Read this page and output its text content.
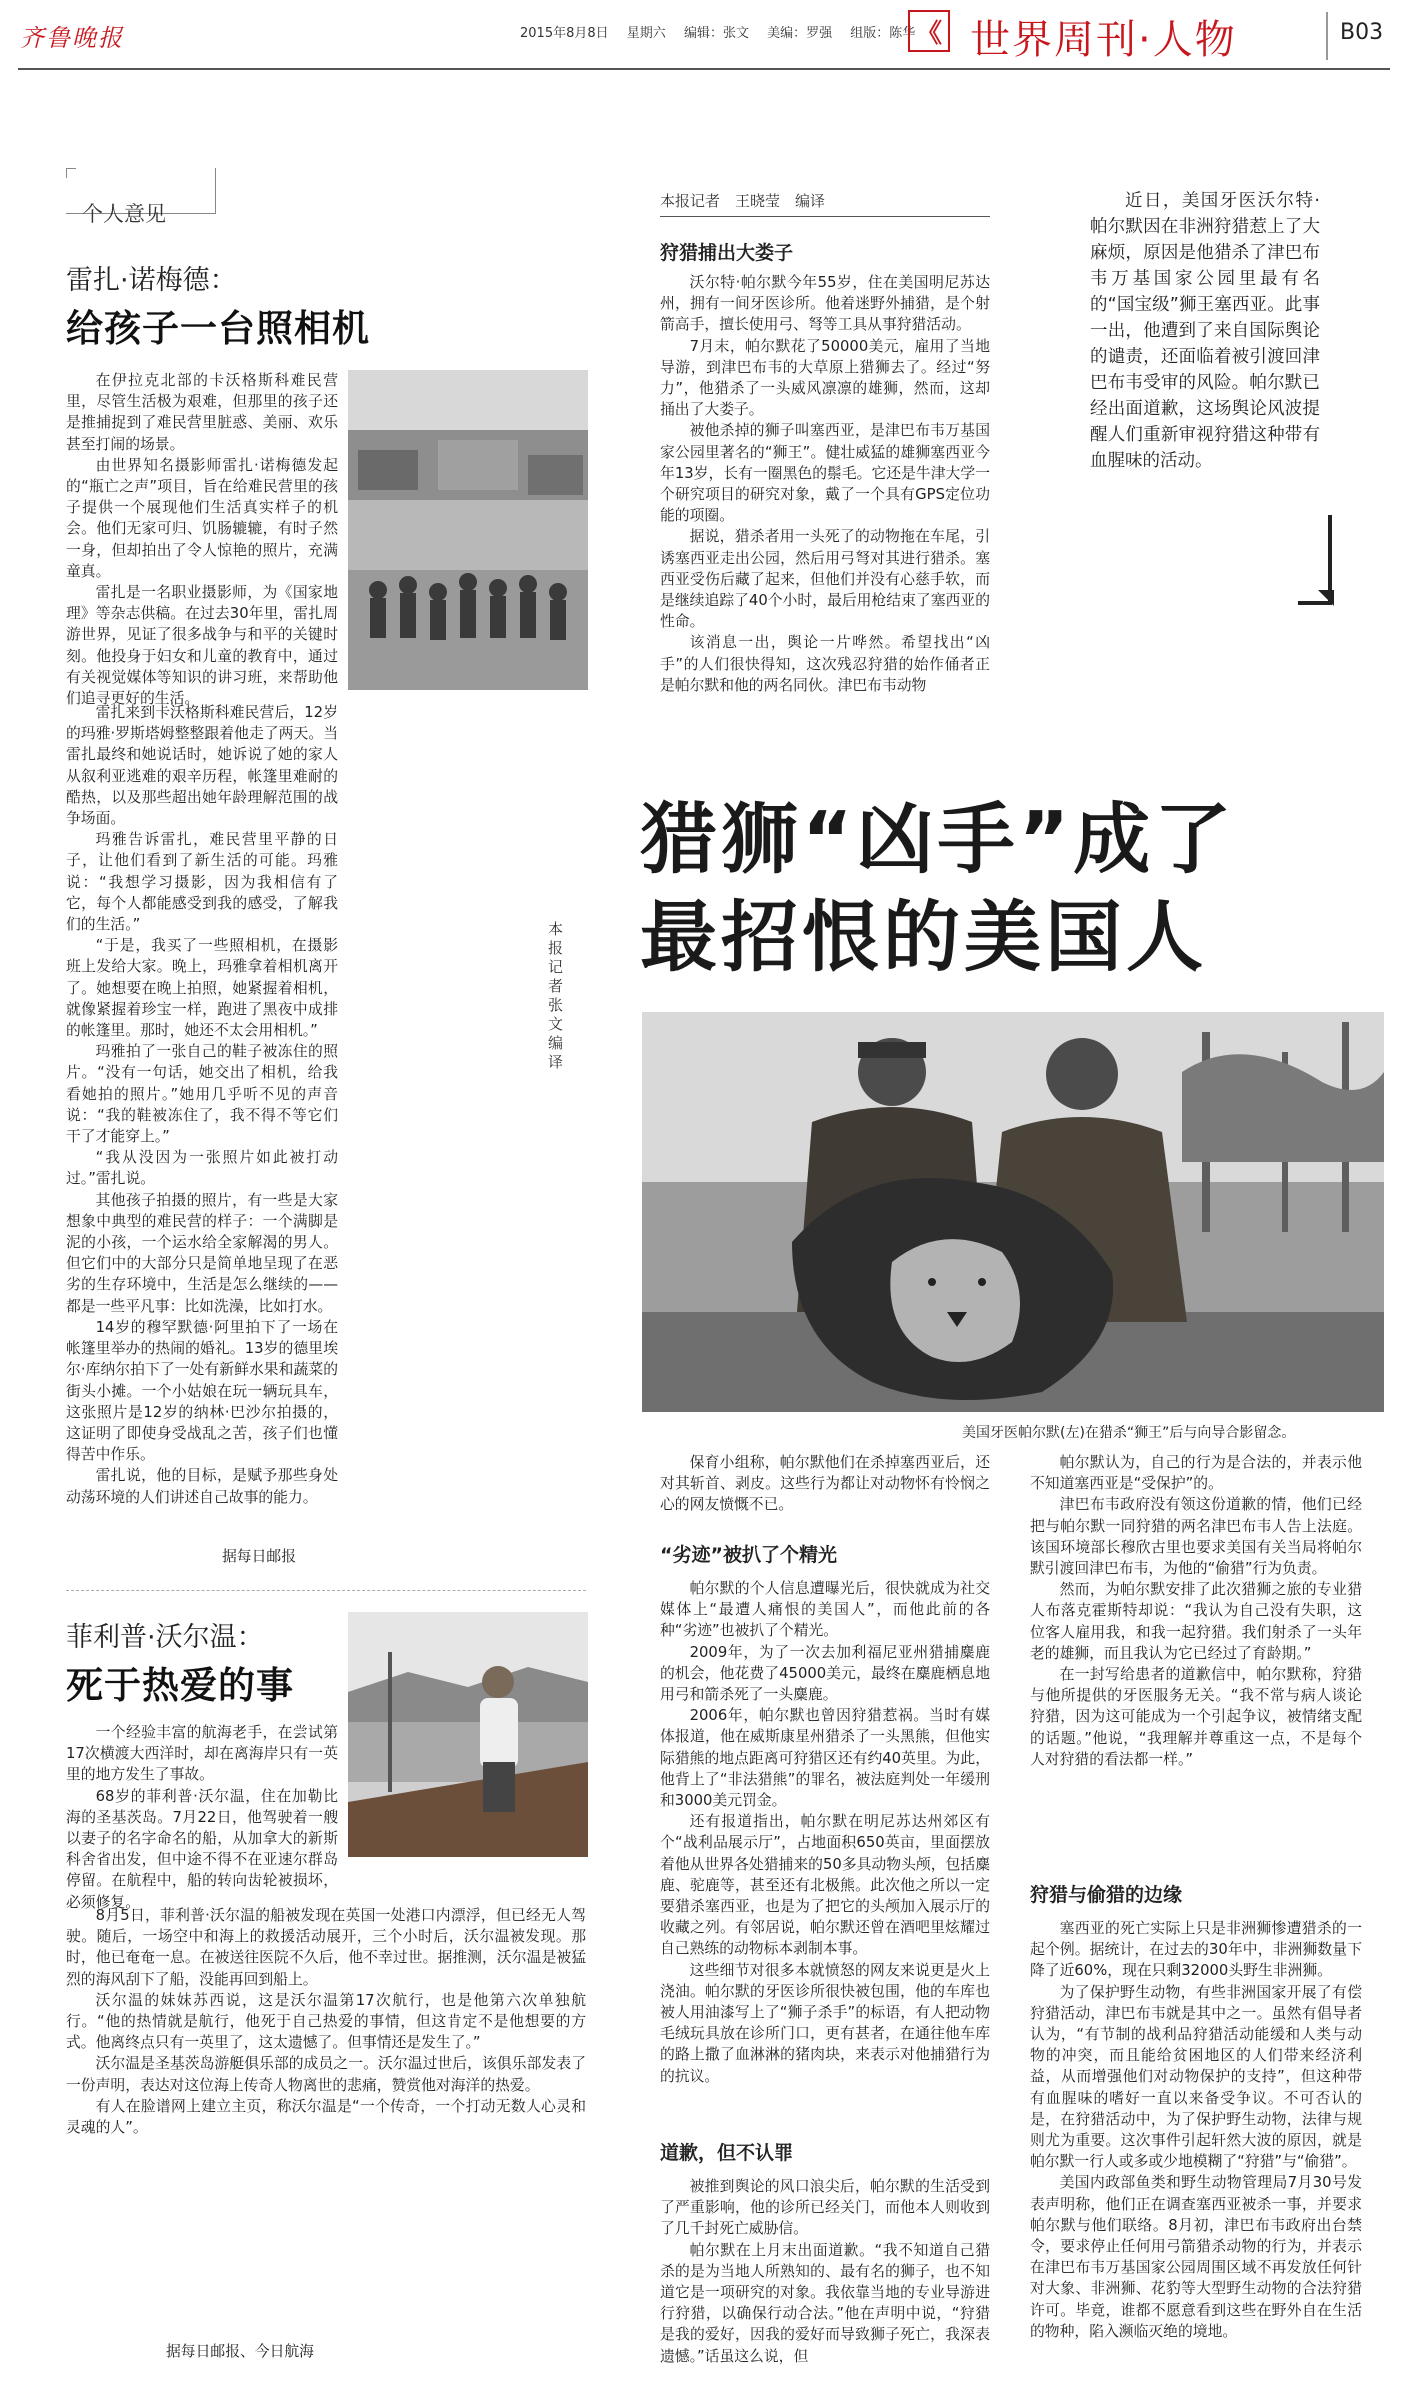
齐鲁晚报	2015年8月8日 星期六 编辑：张文 美编：罗强 组版：陈华 《 世界周刊·人物	B03
个人意见
雷扎·诺梅德：
给孩子一台照相机

在伊拉克北部的卡沃格斯科难民营里，尽管生活极为艰难，但那里的孩子还是推捕捉到了难民营里脏惑、美丽、欢乐甚至打闹的场景。

由世界知名摄影师雷扎·诺梅德发起的“瓶亡之声”项目，旨在给难民营里的孩子提供一个展现他们生活真实样子的机会。他们无家可归、饥肠辘辘，有时子然一身，但却拍出了令人惊艳的照片，充满童真。

雷扎是一名职业摄影师，为《国家地理》等杂志供稿。在过去30年里，雷扎周游世界，见证了很多战争与和平的关键时刻。他投身于妇女和儿童的教育中，通过有关视觉媒体等知识的讲习班，来帮助他们追寻更好的生活。

雷扎来到卡沃格斯科难民营后，12岁的玛雅·罗斯塔姆整整跟着他走了两天。当雷扎最终和她说话时，她诉说了她的家人从叙利亚逃难的艰辛历程，帐篷里难耐的酷热，以及那些超出她年龄理解范围的战争场面。

玛雅告诉雷扎，难民营里平静的日子，让他们看到了新生活的可能。玛雅说：“我想学习摄影，因为我相信有了它，每个人都能感受到我的感受，了解我们的生活。”

“于是，我买了一些照相机，在摄影班上发给大家。晚上，玛雅拿着相机离开了。她想要在晚上拍照，她紧握着相机，就像紧握着珍宝一样，跑进了黑夜中成排的帐篷里。那时，她还不太会用相机。”

玛雅拍了一张自己的鞋子被冻住的照片。“没有一句话，她交出了相机，给我看她拍的照片。”她用几乎听不见的声音说：“我的鞋被冻住了，我不得不等它们干了才能穿上。”

“我从没因为一张照片如此被打动过。”雷扎说。

其他孩子拍摄的照片，有一些是大家想象中典型的难民营的样子：一个满脚是泥的小孩，一个运水给全家解渴的男人。但它们中的大部分只是简单地呈现了在恶劣的生存环境中，生活是怎么继续的——都是一些平凡事：比如洗澡，比如打水。

14岁的穆罕默德·阿里拍下了一场在帐篷里举办的热闹的婚礼。13岁的德里埃尔·库纳尔拍下了一处有新鲜水果和蔬菜的街头小摊。一个小姑娘在玩一辆玩具车，这张照片是12岁的纳林·巴沙尔拍摄的，这证明了即使身受战乱之苦，孩子们也懂得苦中作乐。

雷扎说，他的目标，是赋予那些身处动荡环境的人们讲述自己故事的能力。

据每日邮报
菲利普·沃尔温：
死于热爱的事

一个经验丰富的航海老手，在尝试第17次横渡大西洋时，却在离海岸只有一英里的地方发生了事故。

68岁的菲利普·沃尔温，住在加勒比海的圣基茨岛。7月22日，他驾驶着一艘以妻子的名字命名的船，从加拿大的新斯科舍省出发，但中途不得不在亚速尔群岛停留。在航程中，船的转向齿轮被损坏，必须修复。

8月5日，菲利普·沃尔温的船被发现在英国一处港口内漂浮，但已经无人驾驶。随后，一场空中和海上的救援活动展开，三个小时后，沃尔温被发现。那时，他已奄奄一息。在被送往医院不久后，他不幸过世。据推测，沃尔温是被猛烈的海风刮下了船，没能再回到船上。

沃尔温的妹妹苏西说，这是沃尔温第17次航行，也是他第六次单独航行。“他的热情就是航行，他死于自己热爱的事情，但这肯定不是他想要的方式。他离终点只有一英里了，这太遗憾了。但事情还是发生了。”

沃尔温是圣基茨岛游艇俱乐部的成员之一。沃尔温过世后，该俱乐部发表了一份声明，表达对这位海上传奇人物离世的悲痛，赞赏他对海洋的热爱。

有人在脸谱网上建立主页，称沃尔温是“一个传奇，一个打动无数人心灵和灵魂的人”。

据每日邮报、今日航海
本报记者 张文 编译
本报记者　王晓莹　编译
狩猎捕出大娄子

沃尔特·帕尔默今年55岁，住在美国明尼苏达州，拥有一间牙医诊所。他着迷野外捕猎，是个射箭高手，擅长使用弓、弩等工具从事狩猎活动。

7月末，帕尔默花了50000美元，雇用了当地导游，到津巴布韦的大草原上猎狮去了。经过“努力”，他猎杀了一头威风凛凛的雄狮，然而，这却捅出了大娄子。

被他杀掉的狮子叫塞西亚，是津巴布韦万基国家公园里著名的“狮王”。健壮威猛的雄狮塞西亚今年13岁，长有一圈黑色的鬃毛。它还是牛津大学一个研究项目的研究对象，戴了一个具有GPS定位功能的项圈。

据说，猎杀者用一头死了的动物拖在车尾，引诱塞西亚走出公园，然后用弓弩对其进行猎杀。塞西亚受伤后藏了起来，但他们并没有心慈手软，而是继续追踪了40个小时，最后用枪结束了塞西亚的性命。

该消息一出，舆论一片哗然。希望找出“凶手”的人们很快得知，这次残忍狩猎的始作俑者正是帕尔默和他的两名同伙。津巴布韦动物

近日，美国牙医沃尔特·帕尔默因在非洲狩猎惹上了大麻烦，原因是他猎杀了津巴布韦万基国家公园里最有名的“国宝级”狮王塞西亚。此事一出，他遭到了来自国际舆论的谴责，还面临着被引渡回津巴布韦受审的风险。帕尔默已经出面道歉，这场舆论风波提醒人们重新审视狩猎这种带有血腥味的活动。

猎狮“凶手”成了
最招恨的美国人
美国牙医帕尔默(左)在猎杀“狮王”后与向导合影留念。

保育小组称，帕尔默他们在杀掉塞西亚后，还对其斩首、剥皮。这些行为都让对动物怀有怜悯之心的网友愤慨不已。

“劣迹”被扒了个精光

帕尔默的个人信息遭曝光后，很快就成为社交媒体上“最遭人痛恨的美国人”，而他此前的各种“劣迹”也被扒了个精光。

2009年，为了一次去加利福尼亚州猎捕麋鹿的机会，他花费了45000美元，最终在麋鹿栖息地用弓和箭杀死了一头麋鹿。

2006年，帕尔默也曾因狩猎惹祸。当时有媒体报道，他在威斯康星州猎杀了一头黑熊，但他实际猎熊的地点距离可狩猎区还有约40英里。为此，他背上了“非法猎熊”的罪名，被法庭判处一年缓刑和3000美元罚金。

还有报道指出，帕尔默在明尼苏达州郊区有个“战利品展示厅”，占地面积650英亩，里面摆放着他从世界各处猎捕来的50多具动物头颅，包括麋鹿、驼鹿等，甚至还有北极熊。此次他之所以一定要猎杀塞西亚，也是为了把它的头颅加入展示厅的收藏之列。有邻居说，帕尔默还曾在酒吧里炫耀过自己熟练的动物标本剥制本事。

这些细节对很多本就愤怒的网友来说更是火上浇油。帕尔默的牙医诊所很快被包围，他的车库也被人用油漆写上了“狮子杀手”的标语，有人把动物毛绒玩具放在诊所门口，更有甚者，在通往他车库的路上撒了血淋淋的猪肉块，来表示对他捕猎行为的抗议。

道歉，但不认罪

被推到舆论的风口浪尖后，帕尔默的生活受到了严重影响，他的诊所已经关门，而他本人则收到了几千封死亡威胁信。

帕尔默在上月末出面道歉。“我不知道自己猎杀的是为当地人所熟知的、最有名的狮子，也不知道它是一项研究的对象。我依靠当地的专业导游进行狩猎，以确保行动合法。”他在声明中说，“狩猎是我的爱好，因我的爱好而导致狮子死亡，我深表遗憾。”话虽这么说，但

帕尔默认为，自己的行为是合法的，并表示他不知道塞西亚是“受保护”的。

津巴布韦政府没有领这份道歉的情，他们已经把与帕尔默一同狩猎的两名津巴布韦人告上法庭。该国环境部长穆欣古里也要求美国有关当局将帕尔默引渡回津巴布韦，为他的“偷猎”行为负责。

然而，为帕尔默安排了此次猎狮之旅的专业猎人布落克霍斯特却说：“我认为自己没有失职，这位客人雇用我，和我一起狩猎。我们射杀了一头年老的雄狮，而且我认为它已经过了育龄期。”

在一封写给患者的道歉信中，帕尔默称，狩猎与他所提供的牙医服务无关。“我不常与病人谈论狩猎，因为这可能成为一个引起争议，被情绪支配的话题。”他说，“我理解并尊重这一点，不是每个人对狩猎的看法都一样。”

狩猎与偷猎的边缘

塞西亚的死亡实际上只是非洲狮惨遭猎杀的一起个例。据统计，在过去的30年中，非洲狮数量下降了近60%，现在只剩32000头野生非洲狮。

为了保护野生动物，有些非洲国家开展了有偿狩猎活动，津巴布韦就是其中之一。虽然有倡导者认为，“有节制的战利品狩猎活动能缓和人类与动物的冲突，而且能给贫困地区的人们带来经济利益，从而增强他们对动物保护的支持”，但这种带有血腥味的嗜好一直以来备受争议。不可否认的是，在狩猎活动中，为了保护野生动物，法律与规则尤为重要。这次事件引起轩然大波的原因，就是帕尔默一行人或多或少地模糊了“狩猎”与“偷猎”。

美国内政部鱼类和野生动物管理局7月30号发表声明称，他们正在调查塞西亚被杀一事，并要求帕尔默与他们联络。8月初，津巴布韦政府出台禁令，要求停止任何用弓箭猎杀动物的行为，并表示在津巴布韦万基国家公园周围区域不再发放任何针对大象、非洲狮、花豹等大型野生动物的合法狩猎许可。毕竟，谁都不愿意看到这些在野外自在生活的物种，陷入濒临灭绝的境地。
